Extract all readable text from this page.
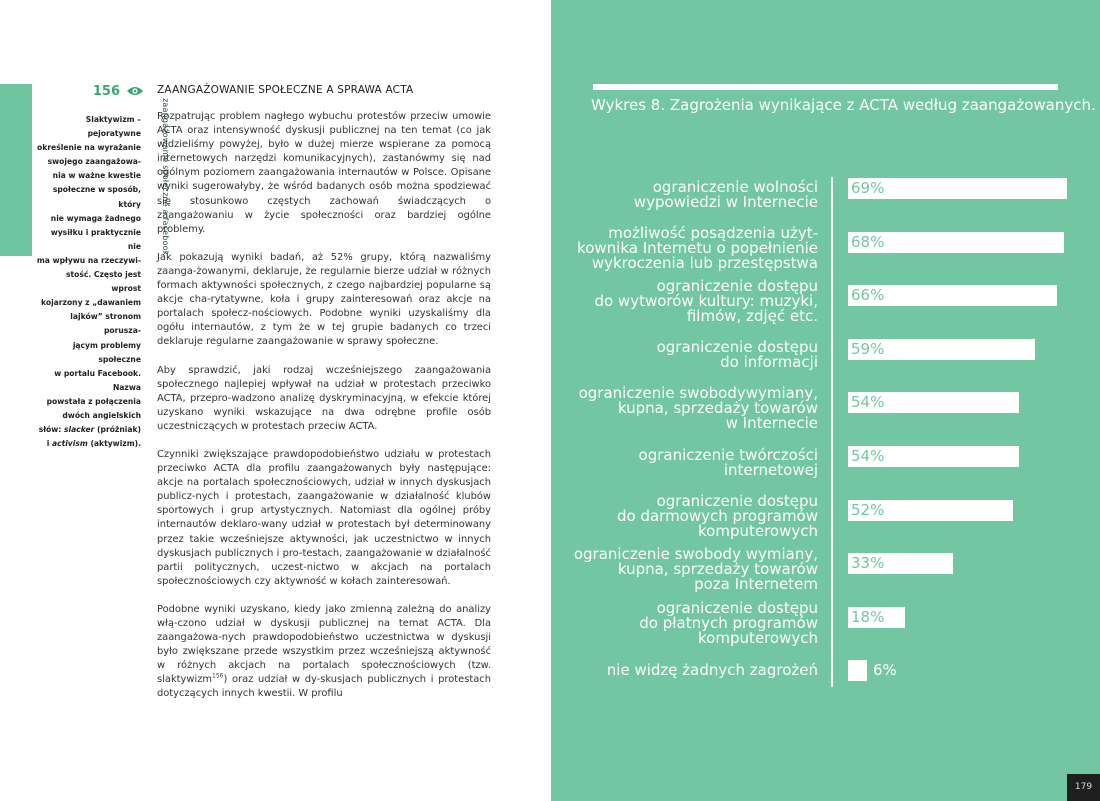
zaangażowanie społeczne a facebook
156
Slaktywizm – pejoratywne
określenie na wyrażanie
swojego zaangażowa-
nia w ważne kwestie
społeczne w sposób, który
nie wymaga żadnego
wysiłku i praktycznie nie
ma wpływu na rzeczywi-
stość. Często jest wprost
kojarzony z „dawaniem
lajków” stronom porusza-
jącym problemy społeczne
w portalu Facebook. Nazwa
powstała z połączenia
dwóch angielskich
słów: slacker (próżniak)
i activism (aktywizm).
ZAANGAŻOWANIE SPOŁECZNE A SPRAWA ACTA

Rozpatrując problem nagłego wybuchu protestów przeciw umowie ACTA oraz intensywność dyskusji publicznej na ten temat (co jak widzieliśmy powyżej, było w dużej mierze wspierane za pomocą internetowych narzędzi komunikacyjnych), zastanówmy się nad ogólnym poziomem zaangażowania internautów w Polsce. Opisane wyniki sugerowałyby, że wśród badanych osób można spodziewać się stosunkowo częstych zachowań świadczących o zaangażowaniu w życie społeczności oraz bardziej ogólne problemy.

Jak pokazują wyniki badań, aż 52% grupy, którą nazwaliśmy zaanga-żowanymi, deklaruje, że regularnie bierze udział w różnych formach aktywności społecznych, z czego najbardziej popularne są akcje cha-rytatywne, koła i grupy zainteresowań oraz akcje na portalach społecz-nościowych. Podobne wyniki uzyskaliśmy dla ogółu internautów, z tym że w tej grupie badanych co trzeci deklaruje regularne zaangażowanie w sprawy społeczne.

Aby sprawdzić, jaki rodzaj wcześniejszego zaangażowania społecznego najlepiej wpływał na udział w protestach przeciwko ACTA, przepro-wadzono analizę dyskryminacyjną, w efekcie której uzyskano wyniki wskazujące na dwa odrębne profile osób uczestniczących w protestach przeciw ACTA.

Czynniki zwiększające prawdopodobieństwo udziału w protestach przeciwko ACTA dla profilu zaangażowanych były następujące: akcje na portalach społecznościowych, udział w innych dyskusjach publicz-nych i protestach, zaangażowanie w działalność klubów sportowych i grup artystycznych. Natomiast dla ogólnej próby internautów deklaro-wany udział w protestach był determinowany przez takie wcześniejsze aktywności, jak uczestnictwo w innych dyskusjach publicznych i pro-testach, zaangażowanie w działalność partii politycznych, uczest-nictwo w akcjach na portalach społecznościowych czy aktywność w kołach zainteresowań.

Podobne wyniki uzyskano, kiedy jako zmienną zależną do analizy włą-czono udział w dyskusji publicznej na temat ACTA. Dla zaangażowa-nych prawdopodobieństwo uczestnictwa w dyskusji było zwiększane przede wszystkim przez wcześniejszą aktywność w różnych akcjach na portalach społecznościowych (tzw. slaktywizm$^{156}$) oraz udział w dy-skusjach publicznych i protestach dotyczących innych kwestii. W profilu

Wykres 8. Zagrożenia wynikające z ACTA według zaangażowanych.
ograniczenie wolności
wypowiedzi w Internecie
69%
możliwość posądzenia użyt-
kownika Internetu o popełnienie
wykroczenia lub przestępstwa
68%
ograniczenie dostępu
do wytworów kultury: muzyki,
filmów, zdjęć etc.
66%
ograniczenie dostępu
do informacji
59%
ograniczenie swobodywymiany,
kupna, sprzedaży towarów
w Internecie
54%
ograniczenie twórczości
internetowej
54%
ograniczenie dostępu
do darmowych programów
komputerowych
52%
ograniczenie swobody wymiany,
kupna, sprzedaży towarów
poza Internetem
33%
ograniczenie dostępu
do płatnych programów
komputerowych
18%
nie widzę żadnych zagrożeń	6%
179
